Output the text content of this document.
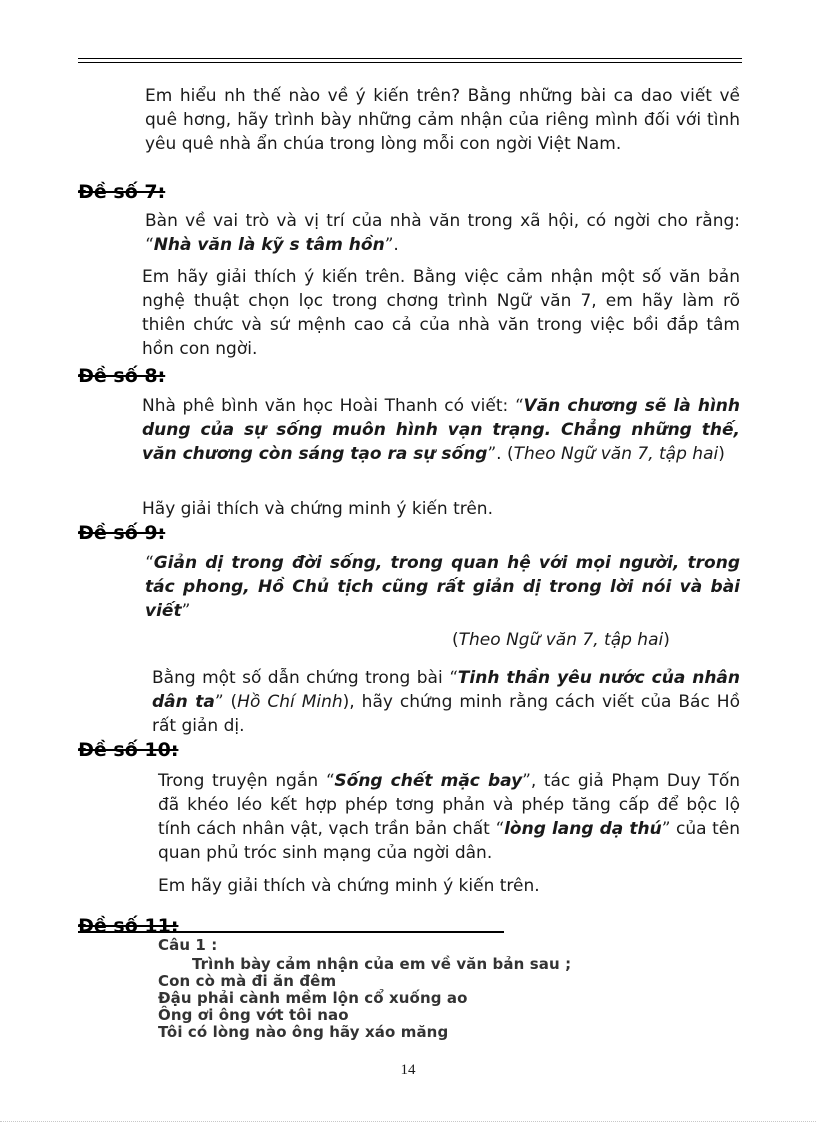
Em hiểu nh thế nào về ý kiến trên? Bằng những bài ca dao viết về quê hơng, hãy trình bày những cảm nhận của riêng mình đối với tình yêu quê nhà ẩn chúa trong lòng mỗi con ngời Việt Nam.

Đề số 7:

Bàn về vai trò và vị trí của nhà văn trong xã hội, có ngời cho rằng: “Nhà văn là kỹ s tâm hồn”.

Em hãy giải thích ý kiến trên. Bằng việc cảm nhận một số văn bản nghệ thuật chọn lọc trong chơng trình Ngữ văn 7, em hãy làm rõ thiên chức và sứ mệnh cao cả của nhà văn trong việc bồi đắp tâm hồn con ngời.

Đề số 8:

Nhà phê bình văn học Hoài Thanh có viết: “Văn chương sẽ là hình dung của sự sống muôn hình vạn trạng. Chẳng những thế, văn chương còn sáng tạo ra sự sống”. (Theo Ngữ văn 7, tập hai)

Hãy giải thích và chứng minh ý kiến trên.

Đề số 9:

“Giản dị trong đời sống, trong quan hệ với mọi người, trong tác phong, Hồ Chủ tịch cũng rất giản dị trong lời nói và bài viết”

(Theo Ngữ văn 7, tập hai)

Bằng một số dẫn chứng trong bài “Tinh thần yêu nước của nhân dân ta” (Hồ Chí Minh), hãy chứng minh rằng cách viết của Bác Hồ rất giản dị.

Đề số 10:

Trong truyện ngắn “Sống chết mặc bay”, tác giả Phạm Duy Tốn đã khéo léo kết hợp phép tơng phản và phép tăng cấp để bộc lộ tính cách nhân vật, vạch trần bản chất “lòng lang dạ thú” của tên quan phủ tróc sinh mạng của ngời dân.

Em hãy giải thích và chứng minh ý kiến trên.

Đề số 11:
Câu 1 :
Trình bày cảm nhận của em về văn bản sau ;
Con cò mà đi ăn đêm
Đậu phải cành mềm lộn cổ xuống ao
Ông ơi ông vớt tôi nao
Tôi có lòng nào ông hãy xáo măng
14
